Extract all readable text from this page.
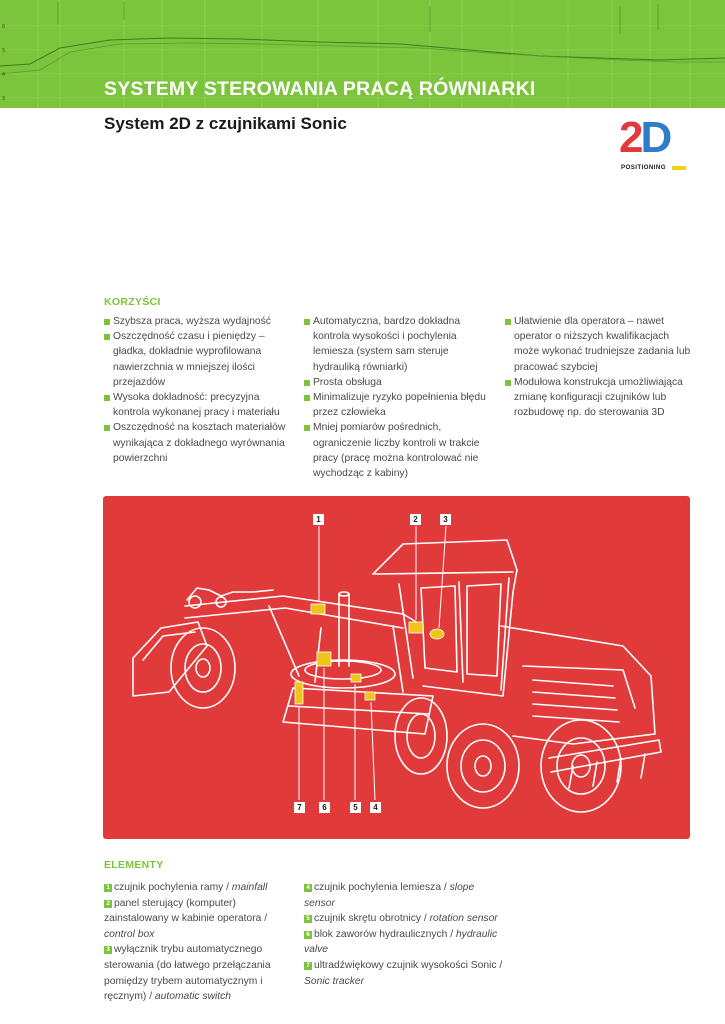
6
5
4
3	SYSTEMY STEROWANIA PRACĄ RÓWNIARKI
System 2D z czujnikami Sonic	2D
POSITIONING
KORZYŚCI
Szybsza praca, wyższa wydajność
Oszczędność czasu i pieniędzy – gładka, dokładnie wyprofilowana nawierzchnia w mniejszej ilości przejazdów
Wysoka dokładność: precyzyjna kontrola wykonanej pracy i materiału
Oszczędność na kosztach materiałów wynikająca z dokładnego wyrównania powierzchni
Automatyczna, bardzo dokładna kontrola wysokości i pochylenia lemiesza (system sam steruje hydrauliką równiarki)
Prosta obsługa
Minimalizuje ryzyko popełnienia błędu przez człowieka
Mniej pomiarów pośrednich, ograniczenie liczby kontroli w trakcie pracy (pracę można kontrolować nie wychodząc z kabiny)
Ułatwienie dla operatora – nawet operator o niższych kwalifikacjach może wykonać trudniejsze zadania lub pracować szybciej
Modułowa konstrukcja umożliwiająca zmianę konfiguracji czujników lub rozbudowę np. do sterowania 3D
1	2	3
7	6	5	4
ELEMENTY
1 czujnik pochylenia ramy / mainfall
2 panel sterujący (komputer) zainstalowany w kabinie operatora / control box
3 wyłącznik trybu automatycznego sterowania (do łatwego przełączania pomiędzy trybem automatycznym i ręcznym) / automatic switch
4 czujnik pochylenia lemiesza / slope sensor
5 czujnik skrętu obrotnicy / rotation sensor
6 blok zaworów hydraulicznych / hydraulic valve
7 ultradźwiękowy czujnik wysokości Sonic / Sonic tracker
